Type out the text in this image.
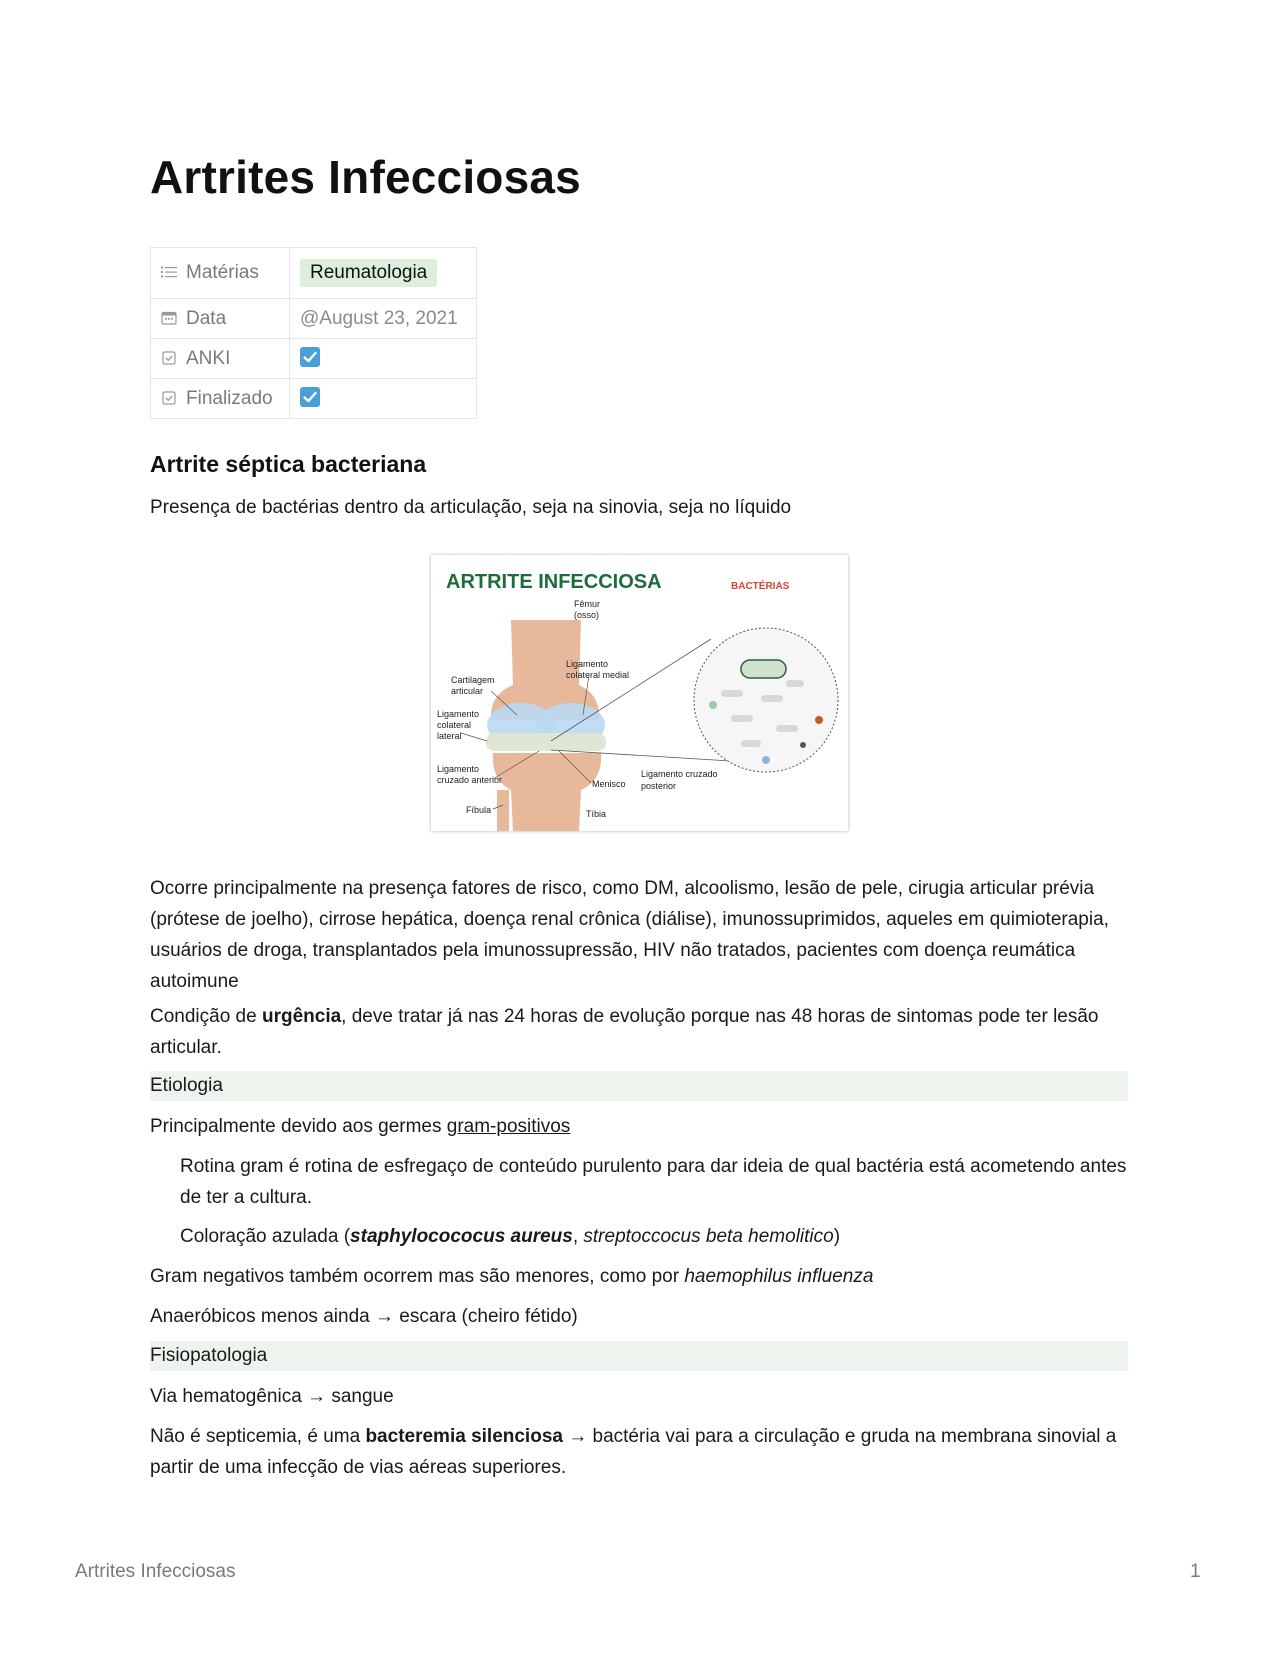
Artrites Infecciosas
Matérias	Reumatologia
Data	@August 23, 2021
ANKI	
Finalizado	
Artrite séptica bacteriana

Presença de bactérias dentro da articulação, seja na sinovia, seja no líquido

ARTRITE INFECCIOSA	BACTÉRIAS
Fêmur
(osso)
Cartilagem
articular
Ligamento
colateral medial
Ligamento
colateral
lateral
Ligamento
cruzado anterior	Menisco
Ligamento cruzado
posterior
Fíbula	Tíbia

Ocorre principalmente na presença fatores de risco, como DM, alcoolismo, lesão de pele, cirugia articular prévia (prótese de joelho), cirrose hepática, doença renal crônica (diálise), imunossuprimidos, aqueles em quimioterapia, usuários de droga, transplantados pela imunossupressão, HIV não tratados, pacientes com doença reumática autoimune

Condição de urgência, deve tratar já nas 24 horas de evolução porque nas 48 horas de sintomas pode ter lesão articular.

Etiologia

Principalmente devido aos germes gram-positivos

Rotina gram é rotina de esfregaço de conteúdo purulento para dar ideia de qual bactéria está acometendo antes de ter a cultura.

Coloração azulada (staphylocococus aureus, streptoccocus beta hemolitico)

Gram negativos também ocorrem mas são menores, como por haemophilus influenza

Anaeróbicos menos ainda → escara (cheiro fétido)

Fisiopatologia

Via hematogênica → sangue

Não é septicemia, é uma bacteremia silenciosa → bactéria vai para a circulação e gruda na membrana sinovial a partir de uma infecção de vias aéreas superiores.

Artrites Infecciosas	1
